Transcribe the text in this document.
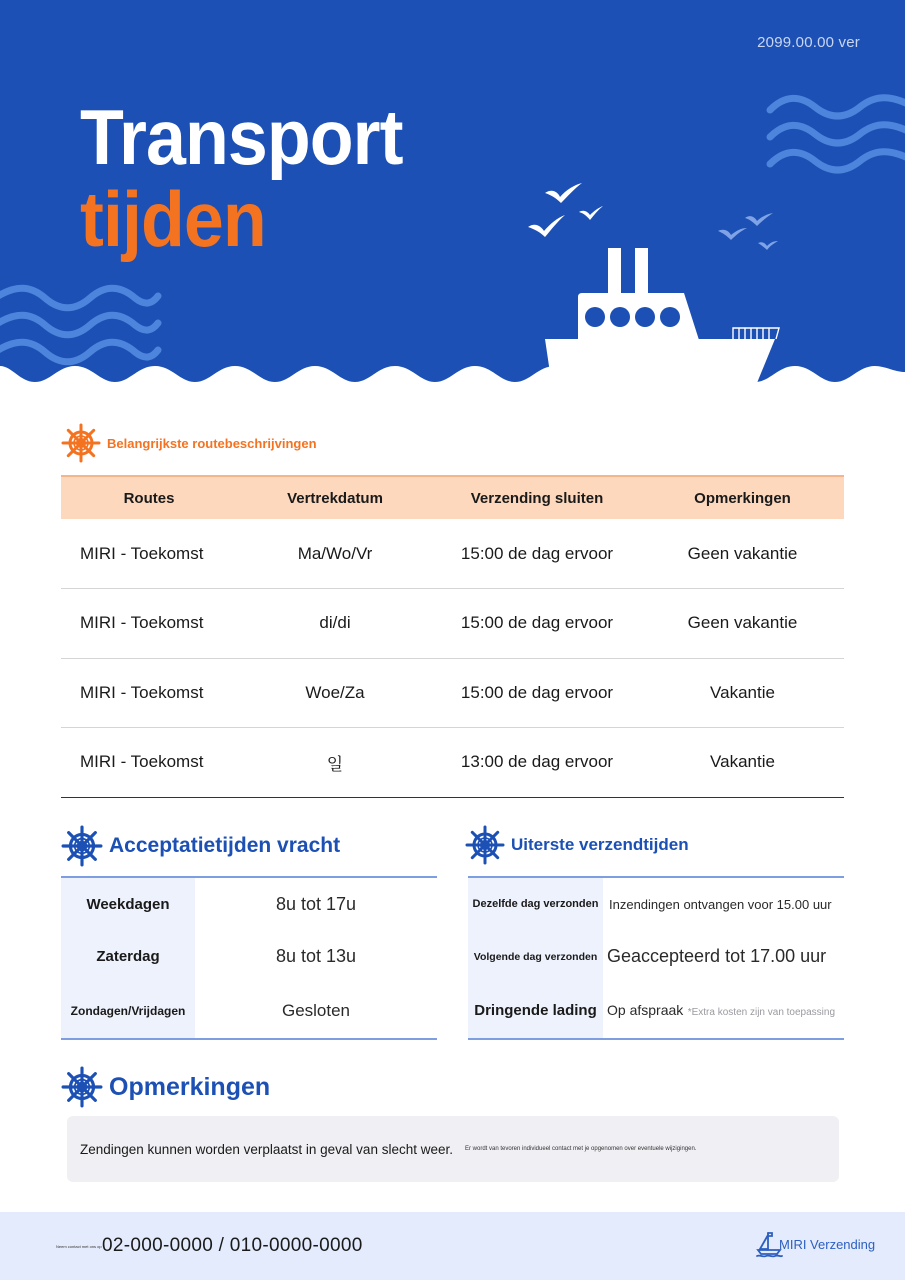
2099.00.00 ver
Transport
tijden
Belangrijkste routebeschrijvingen
Routes	Vertrekdatum	Verzending sluiten	Opmerkingen
MIRI - Toekomst	Ma/Wo/Vr	15:00 de dag ervoor	Geen vakantie
MIRI - Toekomst	di/di	15:00 de dag ervoor	Geen vakantie
MIRI - Toekomst	Woe/Za	15:00 de dag ervoor	Vakantie
MIRI - Toekomst	일	13:00 de dag ervoor	Vakantie
Acceptatietijden vracht
Weekdagen	8u tot 17u
Zaterdag	8u tot 13u
Zondagen/Vrijdagen	Gesloten
Uiterste verzendtijden
Dezelfde dag verzonden	Inzendingen ontvangen voor 15.00 uur
Volgende dag verzonden	Geaccepteerd tot 17.00 uur
Dringende lading	Op afspraak *Extra kosten zijn van toepassing
Opmerkingen
Zendingen kunnen worden verplaatst in geval van slecht weer. Er wordt van tevoren individueel contact met je opgenomen over eventuele wijzigingen.
Neem contact met ons op 02-000-0000 / 010-0000-0000	MIRI Verzending
